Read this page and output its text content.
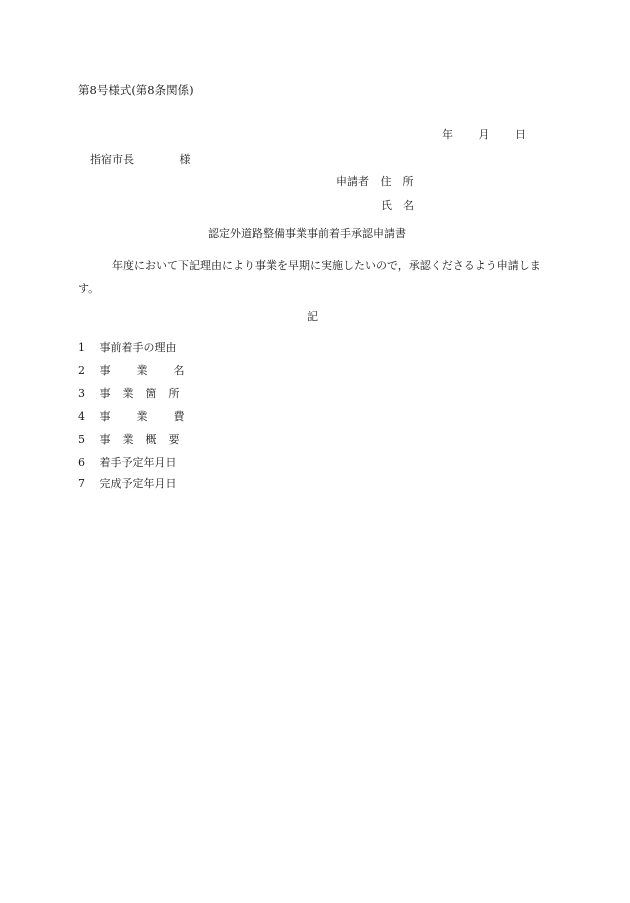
第8号様式(第8条関係)
年 月 日
指宿市長	様
申請者 住　所
氏　名
認定外道路整備事業事前着手承認申請書
年度において下記理由により事業を早期に実施したいので，承認くださるよう申請します。
記
1 事前着手の理由
2 事業名
3 事業箇所
4 事業費
5 事業概要
6 着手予定年月日
7 完成予定年月日
